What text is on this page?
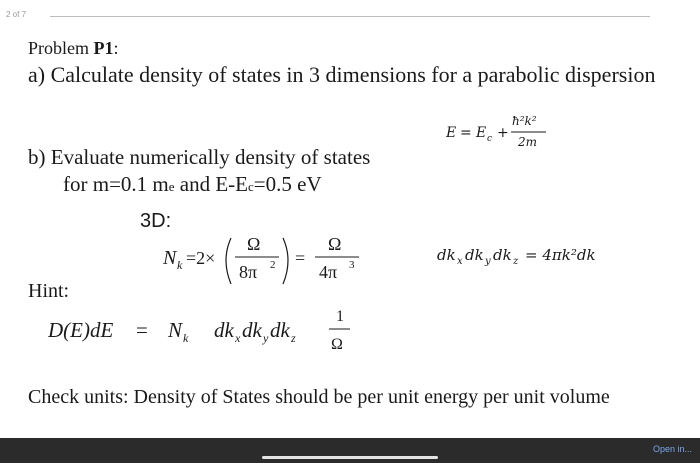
2 of 7
Problem P1:
a) Calculate density of states in 3 dimensions for a parabolic dispersion
b) Evaluate numerically density of states
for m=0.1 me and E-Ec=0.5 eV
E = E c +
ħ²k²
2m
3D:
N k =2×
Ω
8π 2 =
Ω
4π 3
dk x dk y dk z = 4πk²dk
Hint:
D(E)dE = N k dk x dk y dk z
1
Ω
Check units: Density of States should be per unit energy per unit volume
Open in...
